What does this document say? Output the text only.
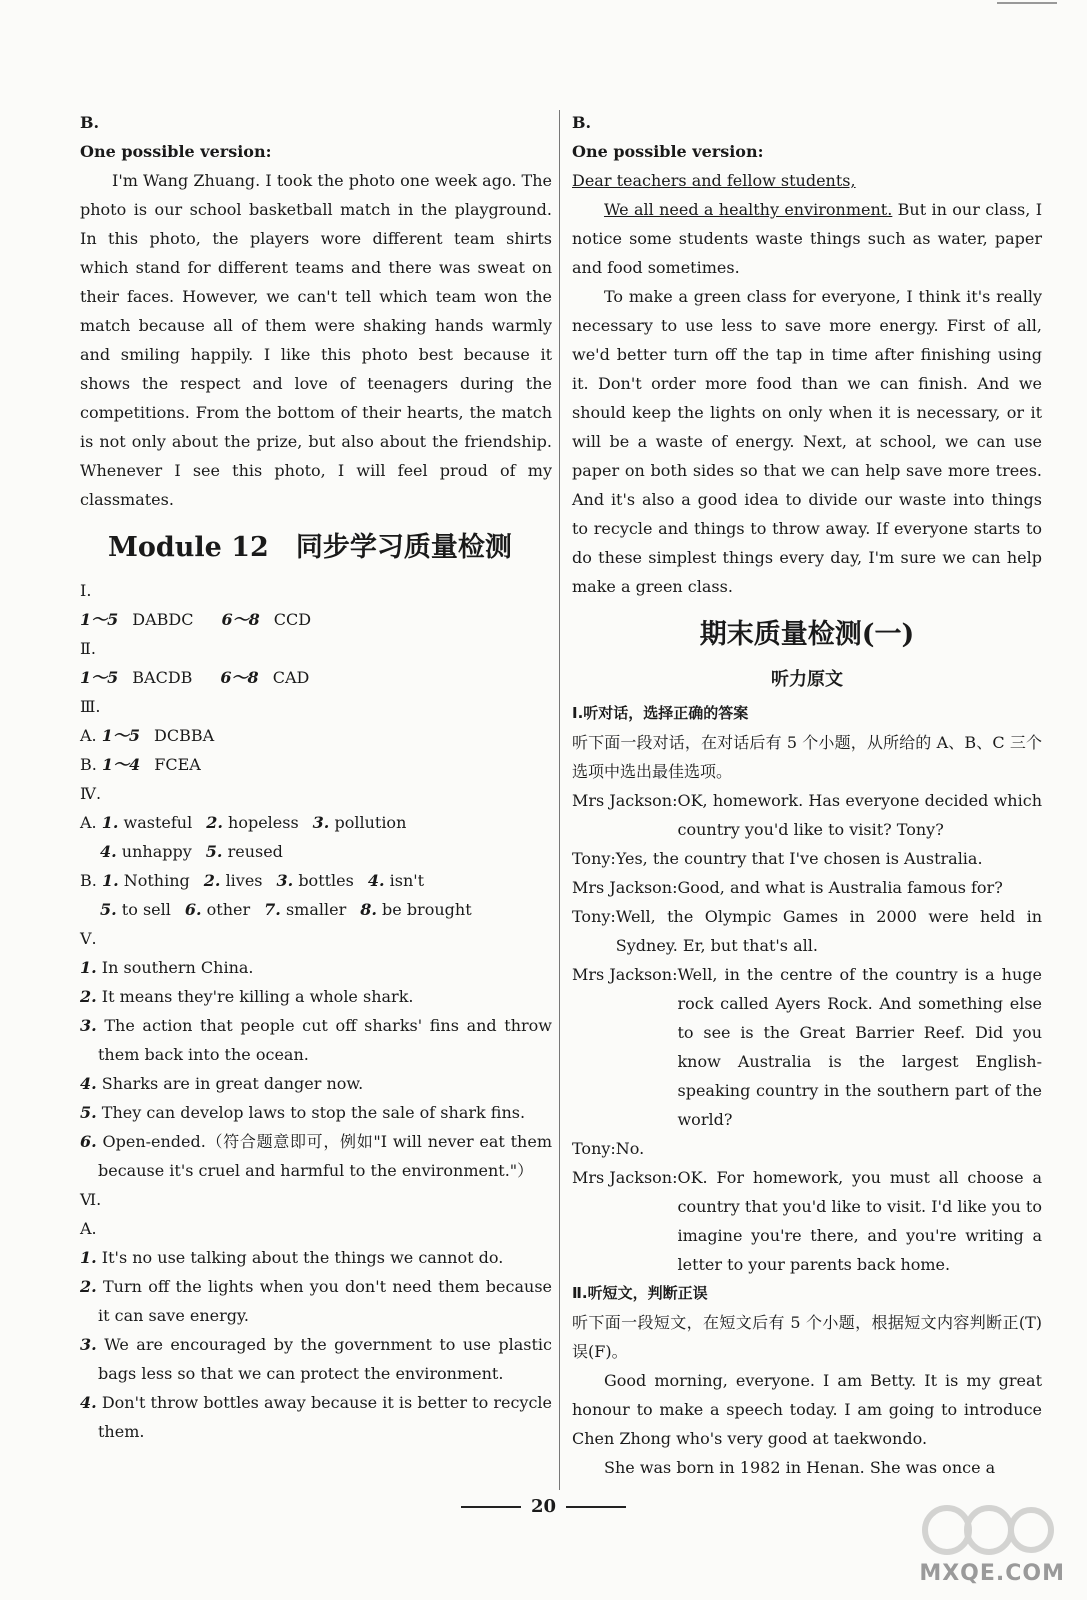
B.

One possible version:

I'm Wang Zhuang. I took the photo one week ago. The photo is our school basketball match in the playground. In this photo, the players wore different team shirts which stand for different teams and there was sweat on their faces. However, we can't tell which team won the match because all of them were shaking hands warmly and smiling happily. I like this photo best because it shows the respect and love of teenagers during the competitions. From the bottom of their hearts, the match is not only about the prize, but also about the friendship. Whenever I see this photo, I will feel proud of my classmates.

Module 12　同步学习质量检测

Ⅰ.

1～5 DABDC 6～8 CCD

Ⅱ.

1～5 BACDB 6～8 CAD

Ⅲ.

A. 1～5 DCBBA

B. 1～4 FCEA

Ⅳ.

A. 1. wasteful 2. hopeless 3. pollution

4. unhappy 5. reused

B. 1. Nothing 2. lives 3. bottles 4. isn't

5. to sell 6. other 7. smaller 8. be brought

Ⅴ.

1. In southern China.

2. It means they're killing a whole shark.

3. The action that people cut off sharks' fins and throw them back into the ocean.

4. Sharks are in great danger now.

5. They can develop laws to stop the sale of shark fins.

6. Open-ended.（符合题意即可，例如"I will never eat them because it's cruel and harmful to the environment."）

Ⅵ.

A.

1. It's no use talking about the things we cannot do.

2. Turn off the lights when you don't need them because it can save energy.

3. We are encouraged by the government to use plastic bags less so that we can protect the environment.

4. Don't throw bottles away because it is better to recycle them.

B.

One possible version:

Dear teachers and fellow students,

We all need a healthy environment. But in our class, I notice some students waste things such as water, paper and food sometimes.

To make a green class for everyone, I think it's really necessary to use less to save more energy. First of all, we'd better turn off the tap in time after finishing using it. Don't order more food than we can finish. And we should keep the lights on only when it is necessary, or it will be a waste of energy. Next, at school, we can use paper on both sides so that we can help save more trees. And it's also a good idea to divide our waste into things to recycle and things to throw away. If everyone starts to do these simplest things every day, I'm sure we can help make a green class.

期末质量检测(一)
听力原文

Ⅰ.听对话，选择正确的答案

听下面一段对话，在对话后有 5 个小题，从所给的 A、B、C 三个选项中选出最佳选项。

Mrs Jackson: OK, homework. Has everyone decided which country you'd like to visit? Tony?
Tony: Yes, the country that I've chosen is Australia.
Mrs Jackson: Good, and what is Australia famous for?
Tony: Well, the Olympic Games in 2000 were held in Sydney. Er, but that's all.
Mrs Jackson: Well, in the centre of the country is a huge rock called Ayers Rock. And something else to see is the Great Barrier Reef. Did you know Australia is the largest English-speaking country in the southern part of the world?
Tony: No.
Mrs Jackson: OK. For homework, you must all choose a country that you'd like to visit. I'd like you to imagine you're there, and you're writing a letter to your parents back home.

Ⅱ.听短文，判断正误

听下面一段短文，在短文后有 5 个小题，根据短文内容判断正(T)误(F)。

Good morning, everyone. I am Betty. It is my great honour to make a speech today. I am going to introduce Chen Zhong who's very good at taekwondo.

She was born in 1982 in Henan. She was once a

20
MXQE.COM
